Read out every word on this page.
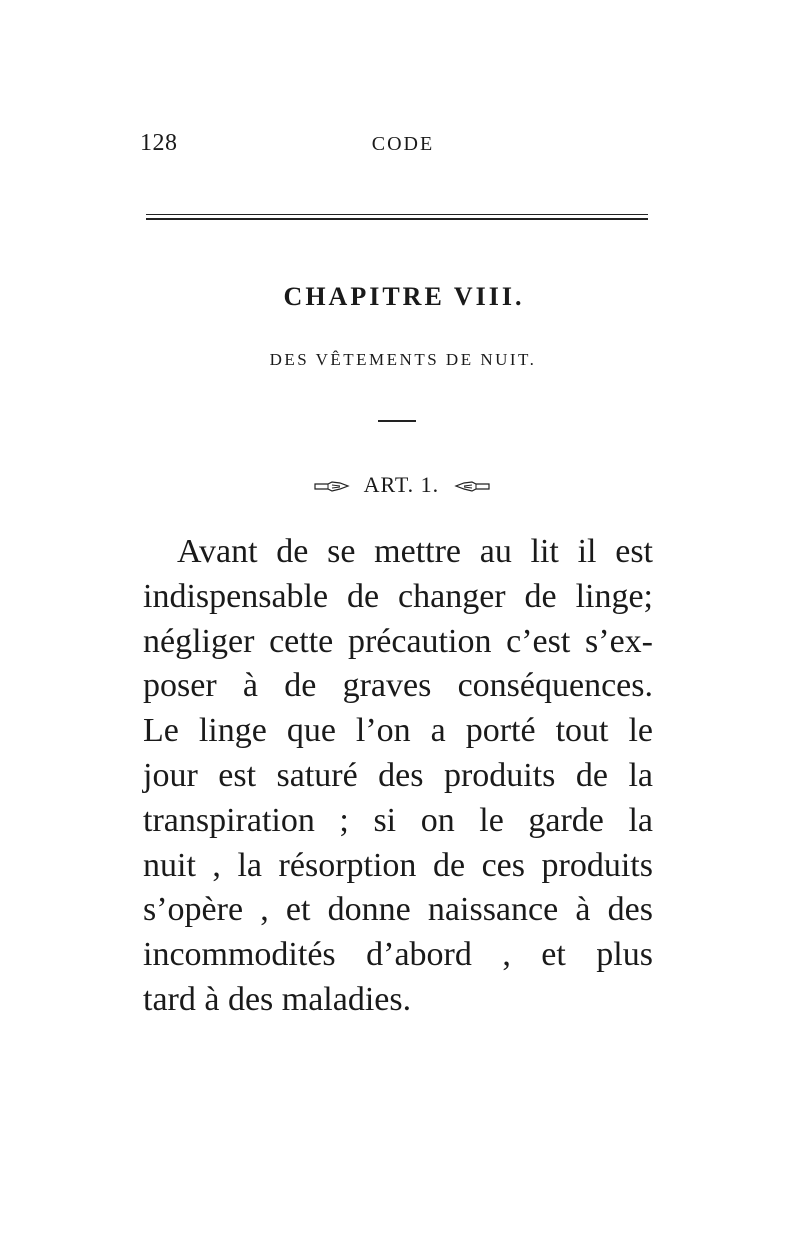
128	CODE
CHAPITRE VIII.
DES VÊTEMENTS DE NUIT.
ART. 1.
Avant de se mettre au lit il est
indispensable de changer de linge;
négliger cette précaution c’est s’ex-
poser à de graves conséquences.
Le linge que l’on a porté tout le
jour est saturé des produits de la
transpiration ; si on le garde la
nuit , la résorption de ces produits
s’opère , et donne naissance à des
incommodités d’abord , et plus
tard à des maladies.
